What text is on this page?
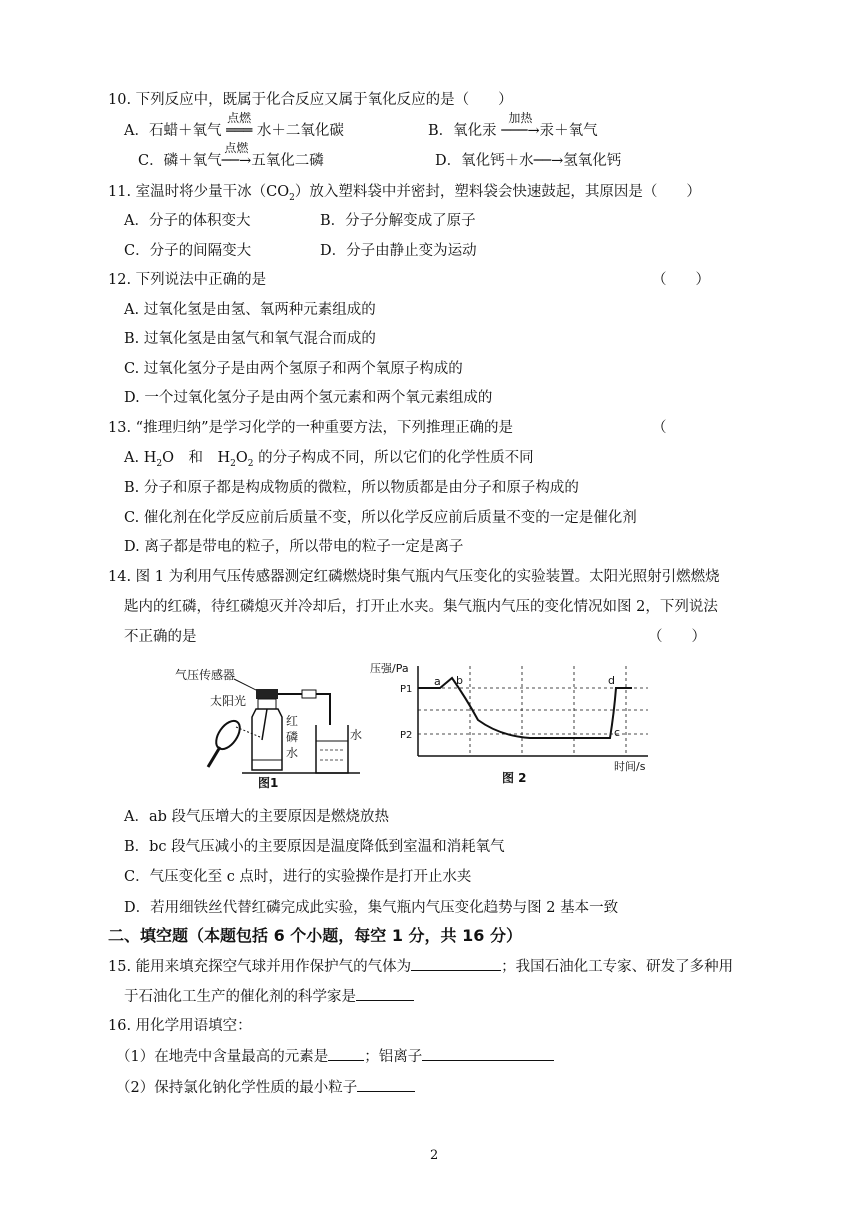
10. 下列反应中，既属于化合反应又属于氧化反应的是（　　）
A．石蜡＋氧气
点燃
═══ 水＋二氧化碳	B．氧化汞
加热
───→汞＋氧气
C．磷＋氧气
点燃
──→五氧化二磷	D．氧化钙＋水──→氢氧化钙
11. 室温时将少量干冰$(CO_2)$放入塑料袋中并密封，塑料袋会快速鼓起，其原因是（　　）
A．分子的体积变大	B．分子分解变成了原子
C．分子的间隔变大	D．分子由静止变为运动
12. 下列说法中正确的是	（　　）
A. 过氧化氢是由氢、氧两种元素组成的
B. 过氧化氢是由氢气和氧气混合而成的
C. 过氧化氢分子是由两个氢原子和两个氧原子构成的
D. 一个过氧化氢分子是由两个氢元素和两个氧元素组成的
13. “推理归纳”是学习化学的一种重要方法，下列推理正确的是	（
A. $H_2O$　和　$H_2O_2$ 的分子构成不同，所以它们的化学性质不同
B. 分子和原子都是构成物质的微粒，所以物质都是由分子和原子构成的
C. 催化剂在化学反应前后质量不变，所以化学反应前后质量不变的一定是催化剂
D. 离子都是带电的粒子，所以带电的粒子一定是离子
14. 图 1 为利用气压传感器测定红磷燃烧时集气瓶内气压变化的实验装置。太阳光照射引燃燃烧
匙内的红磷，待红磷熄灭并冷却后，打开止水夹。集气瓶内气压的变化情况如图 2，下列说法
不正确的是	（　　）
气压传感器
太阳光
红
磷
水
水
图1
压强/Pa
P1
P2
a b
c
d
时间/s
图 2
A．ab 段气压增大的主要原因是燃烧放热
B．bc 段气压减小的主要原因是温度降低到室温和消耗氧气
C．气压变化至 c 点时，进行的实验操作是打开止水夹
D．若用细铁丝代替红磷完成此实验，集气瓶内气压变化趋势与图 2 基本一致
二、填空题（本题包括 6 个小题，每空 1 分，共 16 分）
15. 能用来填充探空气球并用作保护气的气体为	；我国石油化工专家、研发了多种用
于石油化工生产的催化剂的科学家是
16. 用化学用语填空：
（1）在地壳中含量最高的元素是 ；铝离子
（2）保持氯化钠化学性质的最小粒子
2
